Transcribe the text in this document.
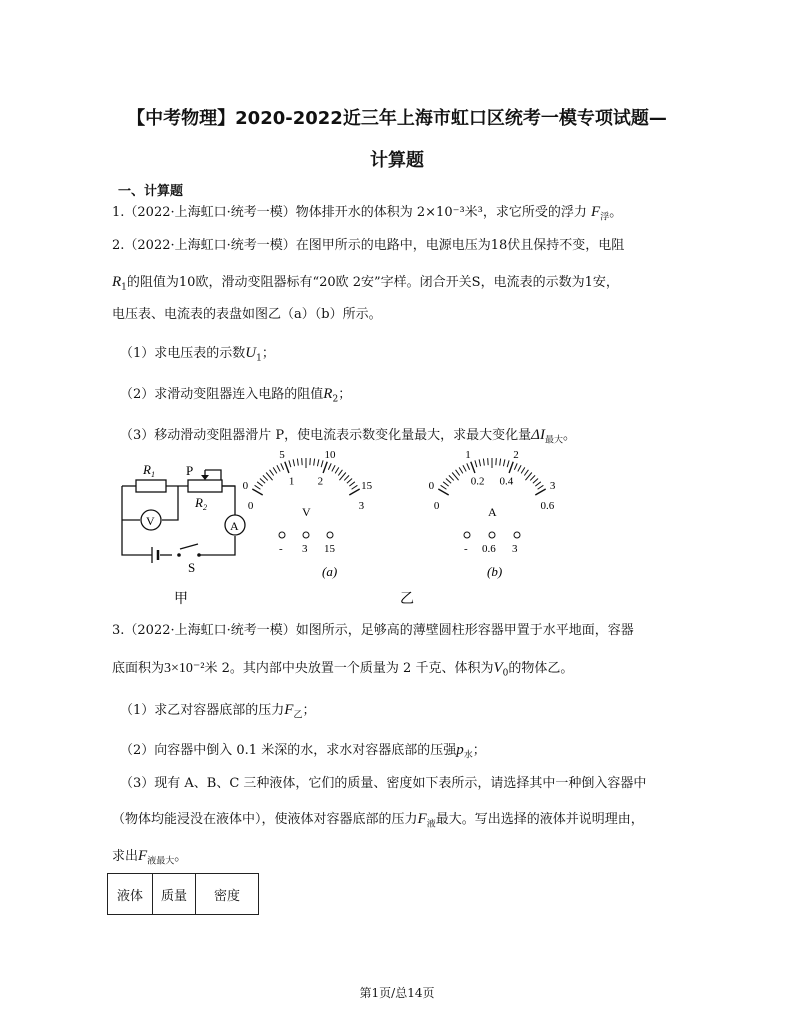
【中考物理】2020-2022近三年上海市虹口区统考一模专项试题—
计算题
一、计算题
1.（2022·上海虹口·统考一模）物体排开水的体积为 2×10⁻³米³，求它所受的浮力 $F_浮$。
2.（2022·上海虹口·统考一模）在图甲所示的电路中，电源电压为18伏且保持不变，电阻
$R_1$的阻值为10欧，滑动变阻器标有“20欧 2安”字样。闭合开关S，电流表的示数为1安，
电压表、电流表的表盘如图乙（a）（b）所示。
（1）求电压表的示数$U_1$；
（2）求滑动变阻器连入电路的阻值$R_2$；
（3）移动滑动变阻器滑片 P，使电流表示数变化量最大，求最大变化量$\Delta I_{最大}$。
$R_1$ P
$R_2$
V	A
S
甲
0
5	10
15
0
1 2
3
V
- 3 15
(a)
0
1	2
3
0
0.2 0.4
0.6
A
- 0.6 3
(b)
乙
3.（2022·上海虹口·统考一模）如图所示，足够高的薄壁圆柱形容器甲置于水平地面，容器
底面积为3×10⁻²米 2。其内部中央放置一个质量为 2 千克、体积为$V_0$的物体乙。
（1）求乙对容器底部的压力$F_乙$；
（2）向容器中倒入 0.1 米深的水，求水对容器底部的压强$p_水$；
（3）现有 A、B、C 三种液体，它们的质量、密度如下表所示，请选择其中一种倒入容器中
（物体均能浸没在液体中），使液体对容器底部的压力$F_液$最大。写出选择的液体并说明理由，
求出$F_{液最大}$。
液体	质量	密度
第1页/总14页
